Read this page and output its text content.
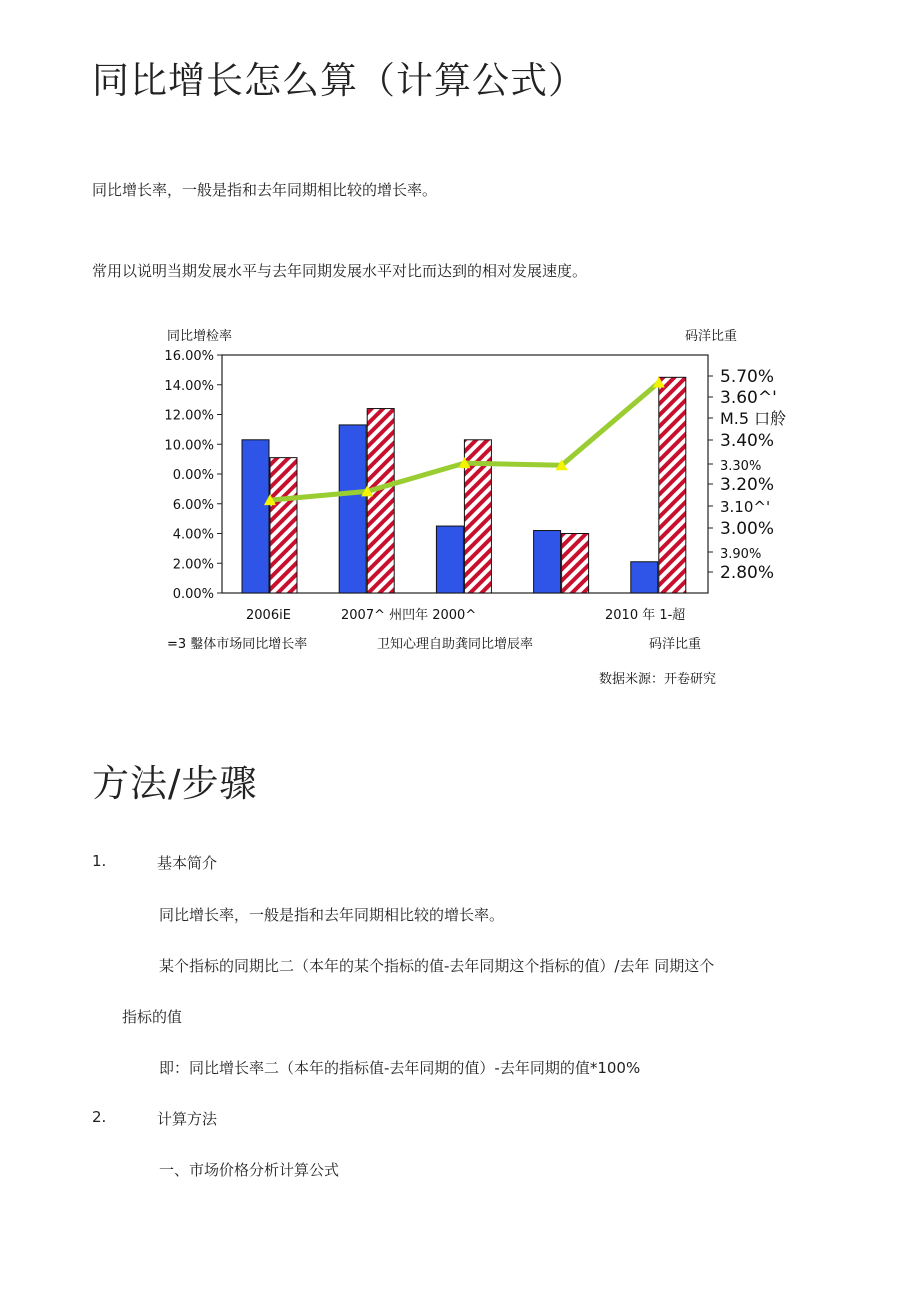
同比增长怎么算（计算公式）
同比增长率，一般是指和去年同期相比较的增长率。
常用以说明当期发展水平与去年同期发展水平对比而达到的相对发展速度。
同比增检率	码洋比重
16.00%
14.00%
12.00%
10.00%
0.00%
6.00%
4.00%
2.00%
0.00%
5.70%
3.60^'
M.5 口舲
3.40%
3.30%
3.20%
3.10^'
3.00%
3.90%
2.80%
2006iE	2007^ 州凹年 2000^	2010 年 1-超
=3 鑿体市场同比增长率	卫知心理自助龚同比增辰率	码洋比重
数据米源：开卷研究
方法/步骤
1.	基本简介
同比增长率，一般是指和去年同期相比较的增长率。
某个指标的同期比二（本年的某个指标的值-去年同期这个指标的值）/去年 同期这个
指标的值
即：同比增长率二（本年的指标值-去年同期的值）-去年同期的值*100%
2.	计算方法
一、市场价格分析计算公式
